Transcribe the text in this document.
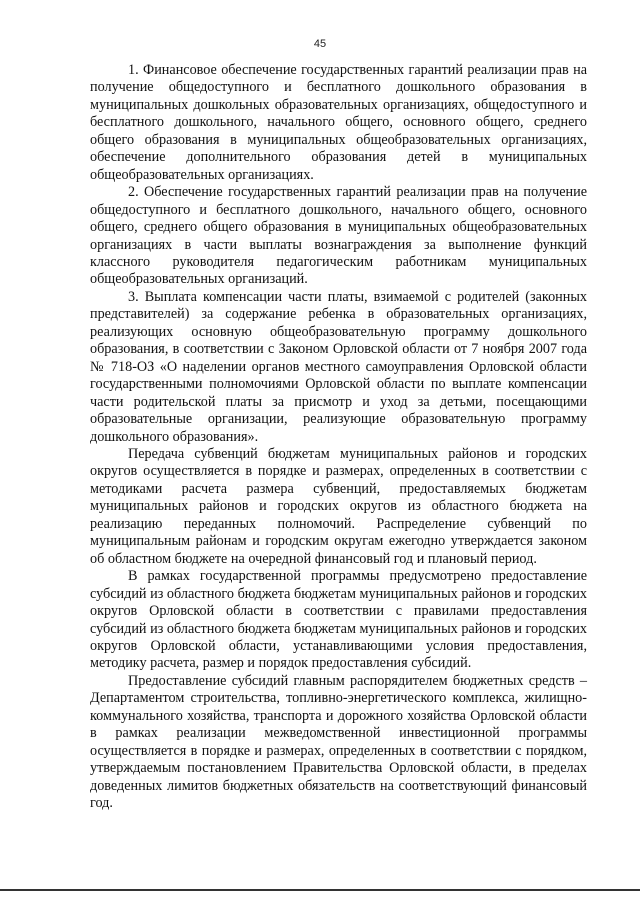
45

1. Финансовое обеспечение государственных гарантий реализации прав на получение общедоступного и бесплатного дошкольного образования в муниципальных дошкольных образовательных организациях, общедоступного и бесплатного дошкольного, начального общего, основного общего, среднего общего образования в муниципальных общеобразовательных организациях, обеспечение дополнительного образования детей в муниципальных общеобразовательных организациях.

2. Обеспечение государственных гарантий реализации прав на получение общедоступного и бесплатного дошкольного, начального общего, основного общего, среднего общего образования в муниципальных общеобразовательных организациях в части выплаты вознаграждения за выполнение функций классного руководителя педагогическим работникам муниципальных общеобразовательных организаций.

3. Выплата компенсации части платы, взимаемой с родителей (законных представителей) за содержание ребенка в образовательных организациях, реализующих основную общеобразовательную программу дошкольного образования, в соответствии с Законом Орловской области от 7 ноября 2007 года № 718-ОЗ «О наделении органов местного самоуправления Орловской области государственными полномочиями Орловской области по выплате компенсации части родительской платы за присмотр и уход за детьми, посещающими образовательные организации, реализующие образовательную программу дошкольного образования».

Передача субвенций бюджетам муниципальных районов и городских округов осуществляется в порядке и размерах, определенных в соответствии с методиками расчета размера субвенций, предоставляемых бюджетам муниципальных районов и городских округов из областного бюджета на реализацию переданных полномочий. Распределение субвенций по муниципальным районам и городским округам ежегодно утверждается законом об областном бюджете на очередной финансовый год и плановый период.

В рамках государственной программы предусмотрено предоставление субсидий из областного бюджета бюджетам муниципальных районов и городских округов Орловской области в соответствии с правилами предоставления субсидий из областного бюджета бюджетам муниципальных районов и городских округов Орловской области, устанавливающими условия предоставления, методику расчета, размер и порядок предоставления субсидий.

Предоставление субсидий главным распорядителем бюджетных средств – Департаментом строительства, топливно-энергетического комплекса, жилищно-коммунального хозяйства, транспорта и дорожного хозяйства Орловской области в рамках реализации межведомственной инвестиционной программы осуществляется в порядке и размерах, определенных в соответствии с порядком, утверждаемым постановлением Правительства Орловской области, в пределах доведенных лимитов бюджетных обязательств на соответствующий финансовый год.
